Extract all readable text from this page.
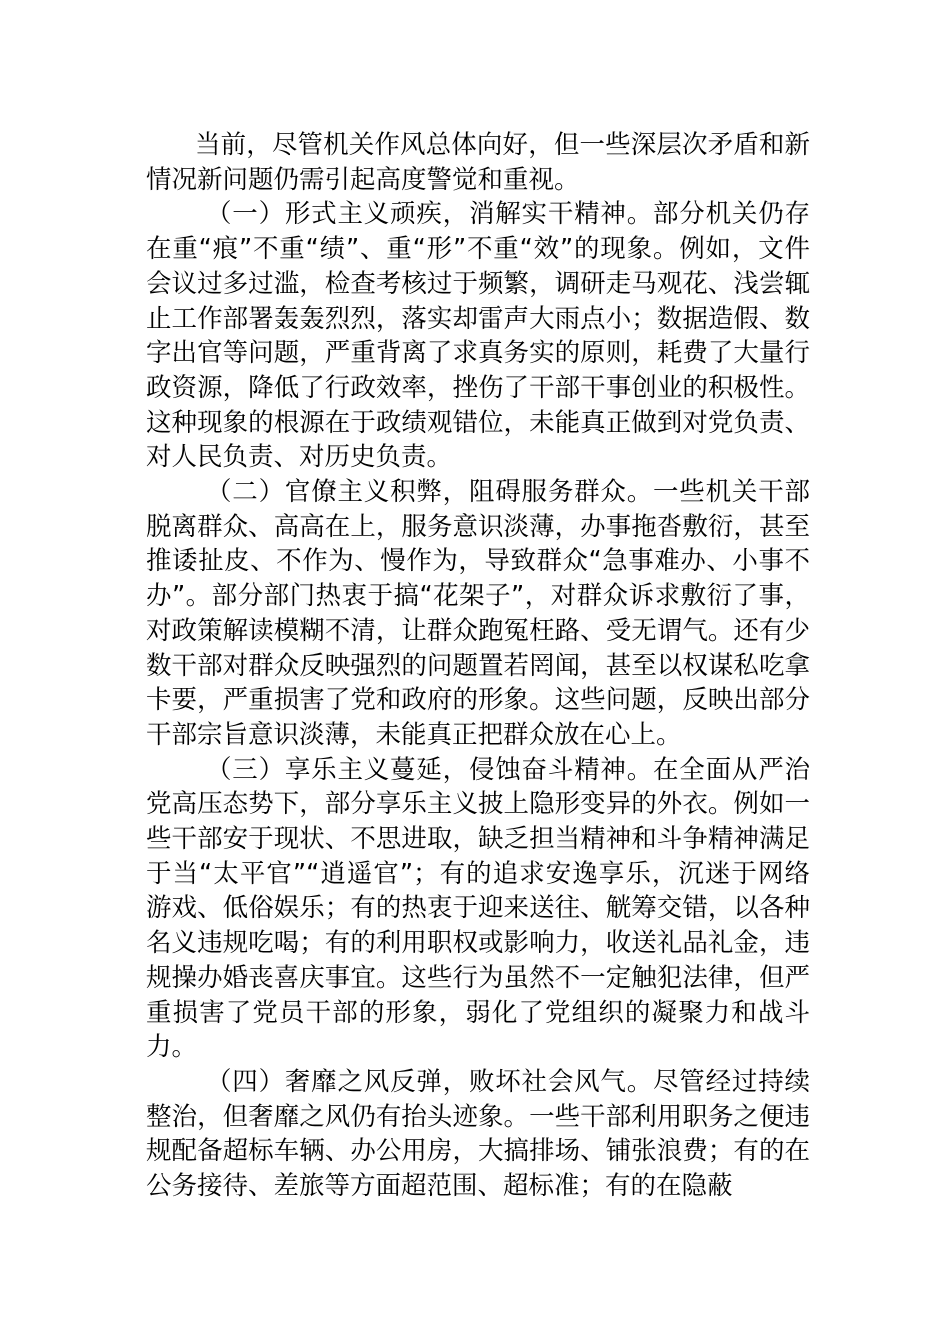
当前，尽管机关作风总体向好，但一些深层次矛盾和新情况新问题仍需引起高度警觉和重视。

（一）形式主义顽疾，消解实干精神。部分机关仍存在重“痕”不重“绩”、重“形”不重“效”的现象。例如，文件会议过多过滥，检查考核过于频繁，调研走马观花、浅尝辄止工作部署轰轰烈烈，落实却雷声大雨点小；数据造假、数字出官等问题，严重背离了求真务实的原则，耗费了大量行政资源，降低了行政效率，挫伤了干部干事创业的积极性。这种现象的根源在于政绩观错位，未能真正做到对党负责、对人民负责、对历史负责。

（二）官僚主义积弊，阻碍服务群众。一些机关干部脱离群众、高高在上，服务意识淡薄，办事拖沓敷衍，甚至推诿扯皮、不作为、慢作为，导致群众“急事难办、小事不办”。部分部门热衷于搞“花架子”，对群众诉求敷衍了事，对政策解读模糊不清，让群众跑冤枉路、受无谓气。还有少数干部对群众反映强烈的问题置若罔闻，甚至以权谋私吃拿卡要，严重损害了党和政府的形象。这些问题，反映出部分干部宗旨意识淡薄，未能真正把群众放在心上。

（三）享乐主义蔓延，侵蚀奋斗精神。在全面从严治党高压态势下，部分享乐主义披上隐形变异的外衣。例如一些干部安于现状、不思进取，缺乏担当精神和斗争精神满足于当“太平官”“逍遥官”；有的追求安逸享乐，沉迷于网络游戏、低俗娱乐；有的热衷于迎来送往、觥筹交错，以各种名义违规吃喝；有的利用职权或影响力，收送礼品礼金，违规操办婚丧喜庆事宜。这些行为虽然不一定触犯法律，但严重损害了党员干部的形象，弱化了党组织的凝聚力和战斗力。

（四）奢靡之风反弹，败坏社会风气。尽管经过持续整治，但奢靡之风仍有抬头迹象。一些干部利用职务之便违规配备超标车辆、办公用房，大搞排场、铺张浪费；有的在公务接待、差旅等方面超范围、超标准；有的在隐蔽
